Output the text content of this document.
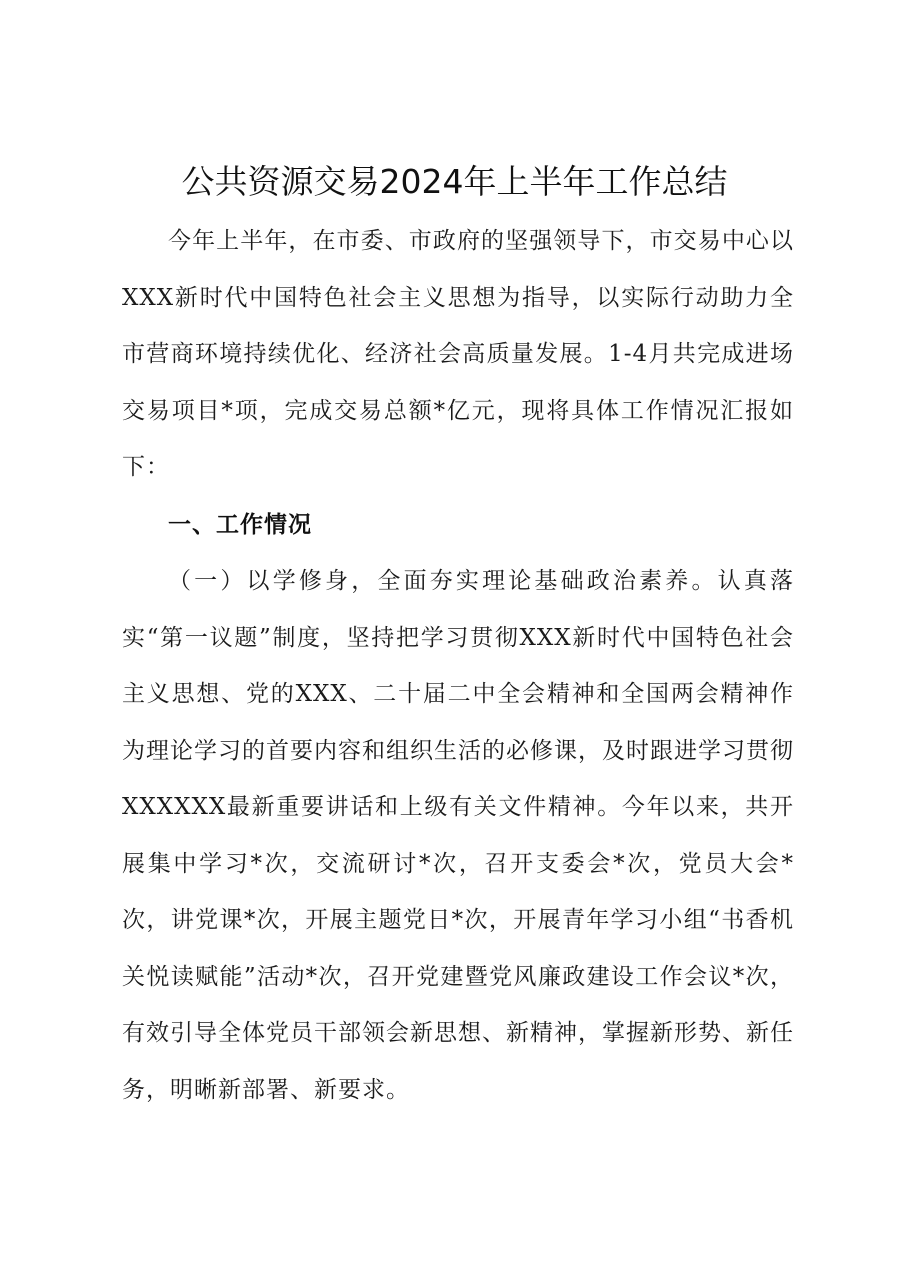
公共资源交易2024年上半年工作总结

今年上半年，在市委、市政府的坚强领导下，市交易中心以XXX新时代中国特色社会主义思想为指导，以实际行动助力全市营商环境持续优化、经济社会高质量发展。1-4月共完成进场交易项目*项，完成交易总额*亿元，现将具体工作情况汇报如下：

一、工作情况

（一）以学修身，全面夯实理论基础政治素养。认真落实“第一议题”制度，坚持把学习贯彻XXX新时代中国特色社会主义思想、党的XXX、二十届二中全会精神和全国两会精神作为理论学习的首要内容和组织生活的必修课，及时跟进学习贯彻XXXXXX最新重要讲话和上级有关文件精神。今年以来，共开展集中学习*次，交流研讨*次，召开支委会*次，党员大会*次，讲党课*次，开展主题党日*次，开展青年学习小组“书香机关悦读赋能”活动*次，召开党建暨党风廉政建设工作会议*次，有效引导全体党员干部领会新思想、新精神，掌握新形势、新任务，明晰新部署、新要求。
